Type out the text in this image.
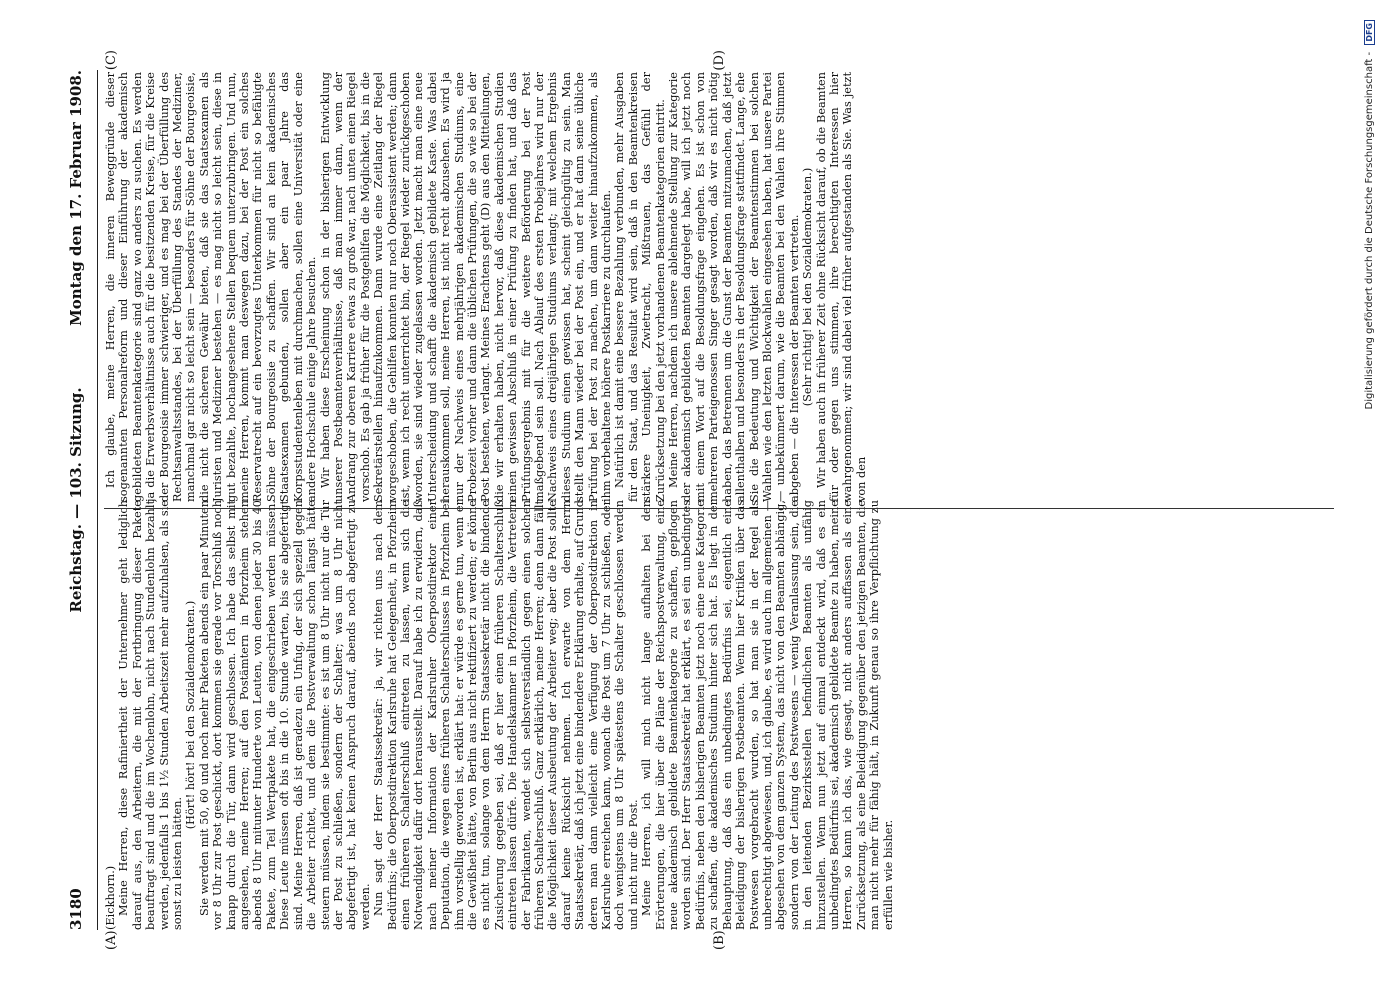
3180
Reichstag. — 103. Sitzung.
Montag den 17. Februar 1908.
(A)	(B)
(C)	(D)

(Eickhorn.) Meine Herren, diese Rafiniertheit der Unternehmer geht lediglich darauf aus, den Arbeitern, die mit der Fortbringung dieser Pakete beauftragt sind und die im Wochenlohn, nicht nach Stundenlohn bezahlt werden, jedenfalls 1 bis 1½ Stunden Arbeitszeit mehr aufzuhalsen, als sie sonst zu leisten hätten.

(Hört! hört! bei den Sozialdemokraten.) Sie werden mit 50, 60 und noch mehr Paketen abends ein paar Minuten vor 8 Uhr zur Post geschickt, dort kommen sie gerade vor Torschluß noch knapp durch die Tür, dann wird geschlossen. Ich habe das selbst mit angesehen, meine Herren; auf den Postämtern in Pforzheim stehen abends 8 Uhr mitunter Hunderte von Leuten, von denen jeder 30 bis 40 Pakete, zum Teil Wertpakete hat, die eingeschrieben werden müssen. Diese Leute müssen oft bis in die 10. Stunde warten, bis sie abgefertigt sind. Meine Herren, daß ist geradezu ein Unfug, der sich speziell gegen die Arbeiter richtet, und dem die Postverwaltung schon längst hätte steuern müssen, indem sie bestimmte: es ist um 8 Uhr nicht nur die Tür der Post zu schließen, sondern der Schalter; was um 8 Uhr nicht abgefertigt ist, hat keinen Anspruch darauf, abends noch abgefertigt zu werden. Nun sagt der Herr Staatssekretär: ja, wir richten uns nach dem Bedürfnis; die Oberpostdirektion Karlsruhe hat Gelegenheit, in Pforzheim einen früheren Schalterschluß eintreten zu lassen, wenn sich die Notwendigkeit dafür dort herausstellt. Darauf habe ich zu erwidern, daß nach meiner Information der Karlsruher Oberpostdirektor einer Deputation, die wegen eines früheren Schalterschlusses in Pforzheim bei ihm vorstellig geworden ist, erklärt hat: er würde es gerne tun, wenn er die Gewißheit hätte, von Berlin aus nicht rektifiziert zu werden; er könne es nicht tun, solange von dem Herrn Staatssekretär nicht die bindende Zusicherung gegeben sei, daß er hier einen früheren Schalterschluß eintreten lassen dürfe. Die Handelskammer in Pforzheim, die Vertretern der Fabrikanten, wendet sich selbstverständlich gegen einen solchen früheren Schalterschluß. Ganz erklärlich, meine Herren; denn dann fällt die Möglichkeit dieser Ausbeutung der Arbeiter weg; aber die Post sollte darauf keine Rücksicht nehmen. Ich erwarte von dem Herrn Staatssekretär, daß ich jetzt eine bindendere Erklärung erhalte, auf Grund deren man dann vielleicht eine Verfügung der Oberpostdirektion in Karlsruhe erreichen kann, wonach die Post um 7 Uhr zu schließen, oder doch wenigstens um 8 Uhr spätestens die Schalter geschlossen werden und nicht nur die Post. Meine Herren, ich will mich nicht lange aufhalten bei den Erörterungen, die hier über die Pläne der Reichspostverwaltung, eine neue akademisch gebildete Beamtenkategorie zu schaffen, gepflogen worden sind. Der Herr Staatssekretär hat erklärt, es sei ein unbedingtes Bedürfnis, neben den bisherigen Beamten jetzt noch eine neue Kategorie zu schaffen, die akademisches Studium hinter sich hat. Es liegt in der Behauptung, daß das ein unbedingtes Bedürfnis sei, eigentlich eine Beleidigung der bisherigen Postbeamten. Wenn hier Kritiken über das Postwesen vorgebracht wurden, so hat man sie in der Regel als unberechtigt abgewiesen, und, ich glaube, es wird auch im allgemeinen — abgesehen von dem ganzen System, das nicht von den Beamten abhängig, sondern von der Leitung des Postwesens — wenig Veranlassung sein, die in den leitenden Bezirksstellen befindlichen Beamten als unfähig hinzustellen. Wenn nun jetzt auf einmal entdeckt wird, daß es ein unbedingtes Bedürfnis sei, akademisch gebildete Beamte zu haben, meine Herren, so kann ich das, wie gesagt, nicht anders auffassen als eine Zurücksetzung, als eine Beleidigung gegenüber den jetzigen Beamten, die man nicht mehr für fähig hält, in Zukunft genau so ihre Verpflichtung zu erfüllen wie bisher.

Ich glaube, meine Herren, die inneren Beweggründe dieser sogenannten Personalreform und dieser Einführung der akademisch gebildeten Beamtenkategorie sind ganz wo anders zu suchen. Es werden ja die Erwerbsverhältnisse auch für die besitzenden Kreise, für die Kreise der Bourgeoisie immer schwieriger, und es mag bei der Überfüllung des Rechtsanwaltsstandes, bei der Überfüllung des Standes der Mediziner, manchmal gar nicht so leicht sein — besonders für Söhne der Bourgeoisie, die nicht die sicheren Gewähr bieten, daß sie das Staatsexamen als Juristen und Mediziner bestehen — es mag nicht so leicht sein, diese in gut bezahlte, hochangesehene Stellen bequem unterzubringen. Und nun, meine Herren, kommt man deswegen dazu, bei der Post ein solches Reservatrecht auf ein bevorzugtes Unterkommen für nicht so befähigte Söhne der Bourgeoisie zu schaffen. Wir sind an kein akademisches Staatsexamen gebunden, sollen aber ein paar Jahre das Korpsstudentenleben mit durchmachen, sollen eine Universität oder eine andere Hochschule einige Jahre besuchen. Wir haben diese Erscheinung schon in der bisherigen Entwicklung unserer Postbeamtenverhältnisse, daß man immer dann, wenn der Andrang zur oberen Karriere etwas zu groß war, nach unten einen Riegel vorschob. Es gab ja früher für die Postgehilfen die Möglichkeit, bis in die Sekretärstellen hinaufzukommen. Dann wurde eine Zeitlang der Riegel vorgeschoben, die Gehilfen konnten nur noch Oberassistent werden; dann ist, wenn ich recht unterrichtet bin, der Riegel wieder zurückgeschoben worden, sie sind wieder zugelassen worden. Jetzt macht man eine neue Unterscheidung und schafft die akademisch gebildete Kaste. Was dabei herauskommen soll, meine Herren, ist nicht recht abzusehen. Es wird ja nur der Nachweis eines mehrjährigen akademischen Studiums, eine Probezeit vorher und dann die üblichen Prüfungen, die so wie so bei der Post bestehen, verlangt. Meines Erachtens geht (D) aus den Mitteilungen, die wir erhalten haben, nicht hervor, daß diese akademischen Studien einen gewissen Abschluß in einer Prüfung zu finden hat, und daß das Prüfungsergebnis mit für die weitere Beförderung bei der Post maßgebend sein soll. Nach Ablauf des ersten Probejahres wird nur der Nachweis eines dreijährigen Studiums verlangt; mit welchem Ergebnis dieses Studium einen gewissen hat, scheint gleichgültig zu sein. Man stellt den Mann wieder bei der Post ein, und er hat dann seine übliche Prüfung bei der Post zu machen, um dann weiter hinaufzukommen, als ihm vorbehaltene höhere Postkarriere zu durchlaufen. Natürlich ist damit eine bessere Bezahlung verbunden, mehr Ausgaben für den Staat, und das Resultat wird sein, daß in den Beamtenkreisen stärkere Uneinigkeit, Zwietracht, Mißtrauen, das Gefühl der Zurücksetzung bei den jetzt vorhandenen Beamtenkategorien eintritt. Meine Herren, nachdem ich unsere ablehnende Stellung zur Kategorie der akademisch gebildeten Beamten dargelegt habe, will ich jetzt noch mit einem Wort auf die Besoldungsfrage eingehen. Es ist schon von mehreren Parteigenossen Singer gesagt worden, daß wir es nicht nötig haben, das Betrennen um die Gunst der Beamten mitzumachen, daß jetzt allenthalben und besonders in der Besoldungsfrage stattfindet. Lange, ehe Sie die Bedeutung und Wichtigkeit der Beamtenstimmen bei solchen Wahlen wie den letzten Blockwahlen eingesehen haben, hat unsere Partei — unbekümmert darum, wie die Beamten bei den Wahlen ihre Stimmen abgeben — die Interessen der Beamten vertreten. (Sehr richtig! bei den Sozialdemokraten.) Wir haben auch in früherer Zeit ohne Rücksicht darauf, ob die Beamten für oder gegen uns stimmen, ihre berechtigten Interessen hier wahrgenommen; wir sind dabei viel früher aufgestanden als Sie. Was jetzt von den

Digitalisierung gefördert durch die Deutsche Forschungsgemeinschaft - DFG
